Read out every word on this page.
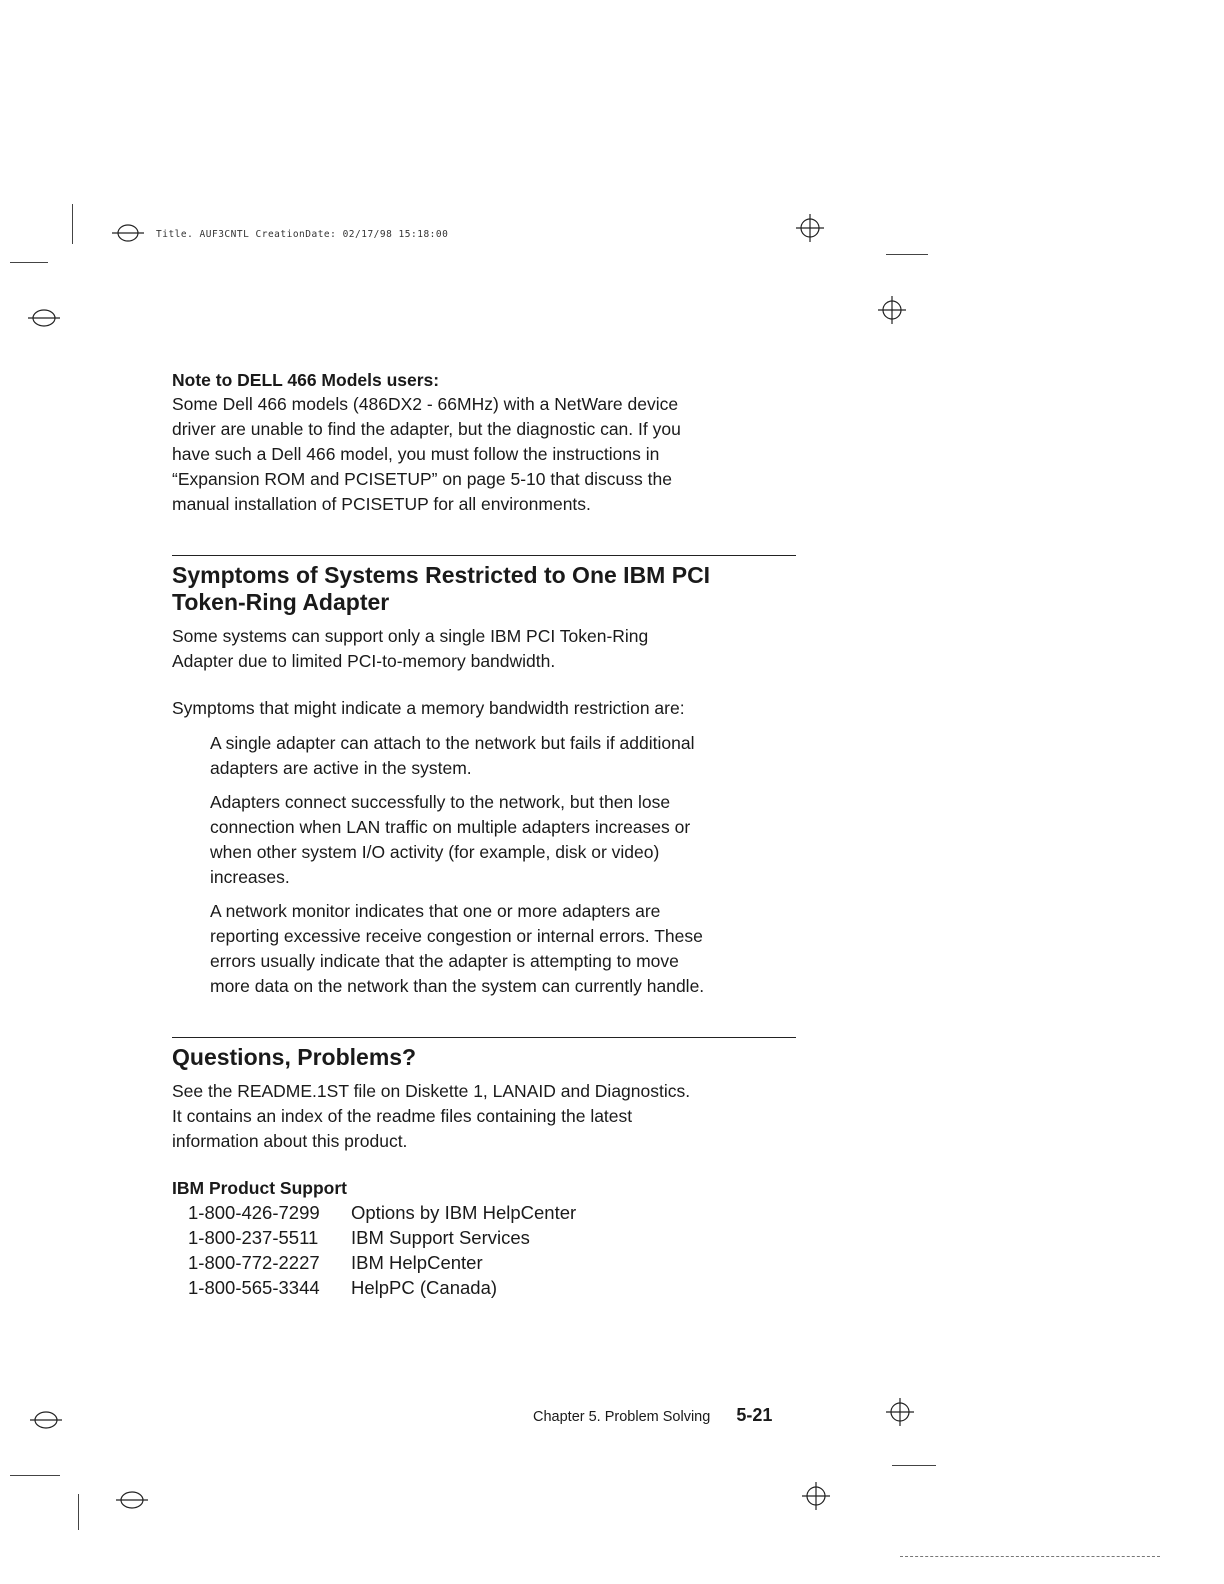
Title. AUF3CNTL CreationDate: 02/17/98 15:18:00

Note to DELL 466 Models users:

Some Dell 466 models (486DX2 - 66MHz) with a NetWare device

driver are unable to find the adapter, but the diagnostic can. If you

have such a Dell 466 model, you must follow the instructions in

“Expansion ROM and PCISETUP” on page 5-10 that discuss the

manual installation of PCISETUP for all environments.

Symptoms of Systems Restricted to One IBM PCI

Token-Ring Adapter

Some systems can support only a single IBM PCI Token-Ring

Adapter due to limited PCI-to-memory bandwidth.

Symptoms that might indicate a memory bandwidth restriction are:

A single adapter can attach to the network but fails if additional

adapters are active in the system.

Adapters connect successfully to the network, but then lose

connection when LAN traffic on multiple adapters increases or

when other system I/O activity (for example, disk or video)

increases.

A network monitor indicates that one or more adapters are

reporting excessive receive congestion or internal errors. These

errors usually indicate that the adapter is attempting to move

more data on the network than the system can currently handle.

Questions, Problems?

See the README.1ST file on Diskette 1, LANAID and Diagnostics.

It contains an index of the readme files containing the latest

information about this product.

IBM Product Support

1-800-426-7299	Options by IBM HelpCenter
1-800-237-5511	IBM Support Services
1-800-772-2227	IBM HelpCenter
1-800-565-3344	HelpPC (Canada)
Chapter 5. Problem Solving 5-21
